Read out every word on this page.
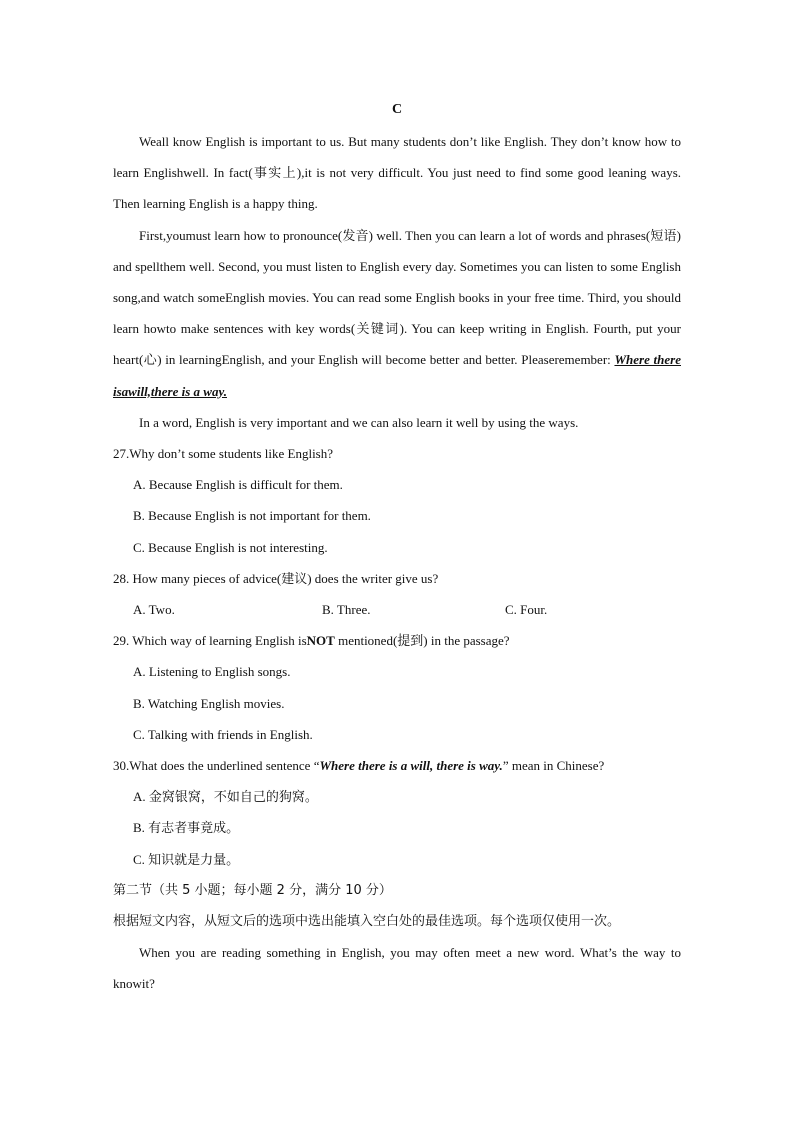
C

Weall know English is important to us. But many students don’t like English. They don’t know how to learn Englishwell. In fact(事实上),it is not very difficult. You just need to find some good leaning ways. Then learning English is a happy thing.

First,youmust learn how to pronounce(发音) well. Then you can learn a lot of words and phrases(短语) and spellthem well. Second, you must listen to English every day. Sometimes you can listen to some English song,and watch someEnglish movies. You can read some English books in your free time. Third, you should learn howto make sentences with key words(关键词). You can keep writing in English. Fourth, put your heart(心) in learningEnglish, and your English will become better and better. Pleaseremember: Where there isawill,there is a way.

In a word, English is very important and we can also learn it well by using the ways.

27.Why don’t some students like English?

A. Because English is difficult for them.

B. Because English is not important for them.

C. Because English is not interesting.

28. How many pieces of advice(建议) does the writer give us?

A. Two.	B. Three.	C. Four.

29. Which way of learning English isNOT mentioned(提到) in the passage?

A. Listening to English songs.

B. Watching English movies.

C. Talking with friends in English.

30.What does the underlined sentence “Where there is a will, there is way.” mean in Chinese?

A. 金窝银窝，不如自己的狗窝。

B. 有志者事竟成。

C. 知识就是力量。

第二节（共 5 小题；每小题 2 分，满分 10 分）

根据短文内容，从短文后的选项中选出能填入空白处的最佳选项。每个选项仅使用一次。

When you are reading something in English, you may often meet a new word. What’s the way to knowit?
